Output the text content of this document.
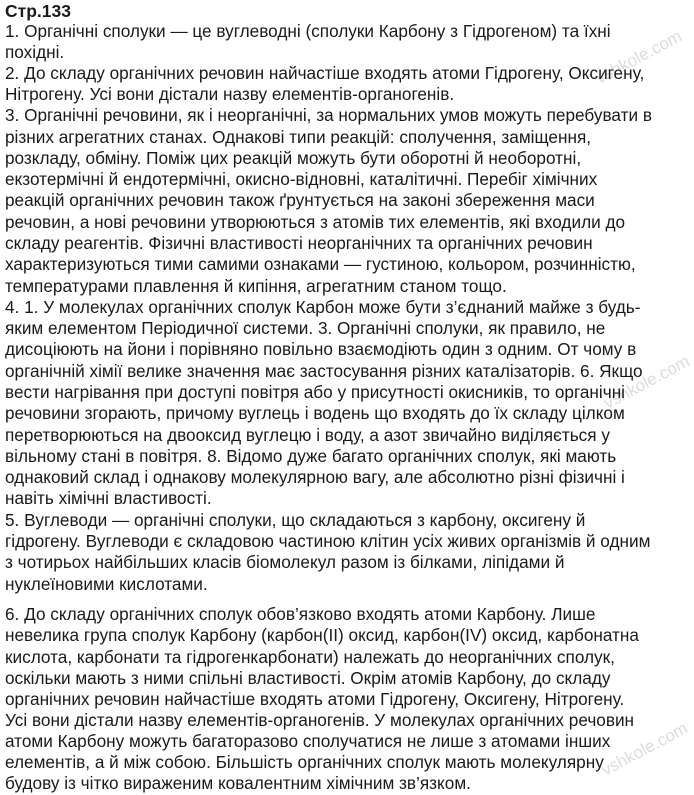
vshkole.com
vshkole.com
vshkole.com
Стр.133
1. Органічні сполуки — це вуглеводні (сполуки Карбону з Гідрогеном) та їхні
похідні.
2. До складу органічних речовин найчастіше входять атоми Гідрогену, Оксигену,
Нітрогену. Усі вони дістали назву елементів-органогенів.
3. Органічні речовини, як і неорганічні, за нормальних умов можуть перебувати в
різних агрегатних станах. Однакові типи реакцій: сполучення, заміщення,
розкладу, обміну. Поміж цих реакцій можуть бути оборотні й необоротні,
екзотермічні й ендотермічні, окисно-відновні, каталітичні. Перебіг хімічних
реакцій органічних речовин також ґрунтується на законі збереження маси
речовин, а нові речовини утворюються з атомів тих елементів, які входили до
складу реагентів. Фізичні властивості неорганічних та органічних речовин
характеризуються тими самими ознаками — густиною, кольором, розчинністю,
температурами плавлення й кипіння, агрегатним станом тощо.
4. 1. У молекулах органічних сполук Карбон може бути з’єднаний майже з будь-
яким елементом Періодичної системи. 3. Органічні сполуки, як правило, не
дисоціюють на йони і порівняно повільно взаємодіють один з одним. От чому в
органічній хімії велике значення має застосування різних каталізаторів. 6. Якщо
вести нагрівання при доступі повітря або у присутності окисників, то органічні
речовини згорають, причому вуглець і водень що входять до їх складу цілком
перетворюються на двооксид вуглецю і воду, а азот звичайно виділяється у
вільному стані в повітря. 8. Відомо дуже багато органічних сполук, які мають
однаковий склад і однакову молекулярною вагу, але абсолютно різні фізичні і
навіть хімічні властивості.
5. Вуглеводи — органічні сполуки, що складаються з карбону, оксигену й
гідрогену. Вуглеводи є складовою частиною клітин усіх живих організмів й одним
з чотирьох найбільших класів біомолекул разом із білками, ліпідами й
нуклеїновими кислотами.
6. До складу органічних сполук обов’язково входять атоми Карбону. Лише
невелика група сполук Карбону (карбон(ІІ) оксид, карбон(IV) оксид, карбонатна
кислота, карбонати та гідрогенкарбонати) належать до неорганічних сполук,
оскільки мають з ними спільні властивості. Окрім атомів Карбону, до складу
органічних речовин найчастіше входять атоми Гідрогену, Оксигену, Нітрогену.
Усі вони дістали назву елементів-органогенів. У молекулах органічних речовин
атоми Карбону можуть багаторазово сполучатися не лише з атомами інших
елементів, а й між собою. Більшість органічних сполук мають молекулярну
будову із чітко вираженим ковалентним хімічним зв’язком.
